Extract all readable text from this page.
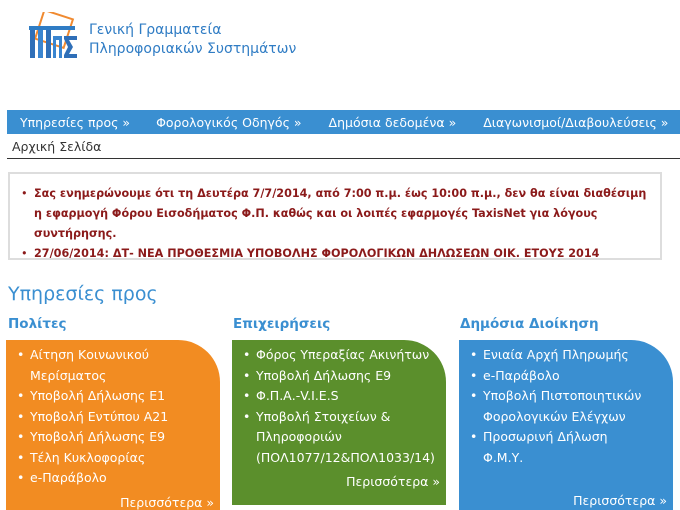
Γενική Γραμματεία
Πληροφοριακών Συστημάτων
Υπηρεσίες προς » Φορολογικός Οδηγός » Δημόσια δεδομένα » Διαγωνισμοί/Διαβουλεύσεις »
Αρχική Σελίδα
• Σας ενημερώνουμε ότι τη Δευτέρα 7/7/2014, από 7:00 π.μ. έως 10:00 π.μ., δεν θα είναι διαθέσιμη η εφαρμογή Φόρου Εισοδήματος Φ.Π. καθώς και οι λοιπές εφαρμογές TaxisNet για λόγους συντήρησης.
• 27/06/2014: ΔΤ- ΝΕΑ ΠΡΟΘΕΣΜΙΑ ΥΠΟΒΟΛΗΣ ΦΟΡΟΛΟΓΙΚΩΝ ΔΗΛΩΣΕΩΝ ΟΙΚ. ΕΤΟΥΣ 2014
Υπηρεσίες προς
Πολίτες
• Αίτηση Κοινωνικού Μερίσματος
• Υποβολή Δήλωσης Ε1
• Υποβολή Εντύπου Α21
• Υποβολή Δήλωσης Ε9
• Τέλη Κυκλοφορίας
• e-Παράβολο
Περισσότερα »
Επιχειρήσεις
• Φόρος Υπεραξίας Ακινήτων
• Υποβολή Δήλωσης Ε9
• Φ.Π.Α.-V.I.E.S
• Υποβολή Στοιχείων & Πληροφοριών (ΠΟΛ1077/12&ΠΟΛ1033/14)
Περισσότερα »
Δημόσια Διοίκηση
• Ενιαία Αρχή Πληρωμής
• e-Παράβολο
• Υποβολή Πιστοποιητικών Φορολογικών Ελέγχων
• Προσωρινή Δήλωση Φ.Μ.Υ.
Περισσότερα »
